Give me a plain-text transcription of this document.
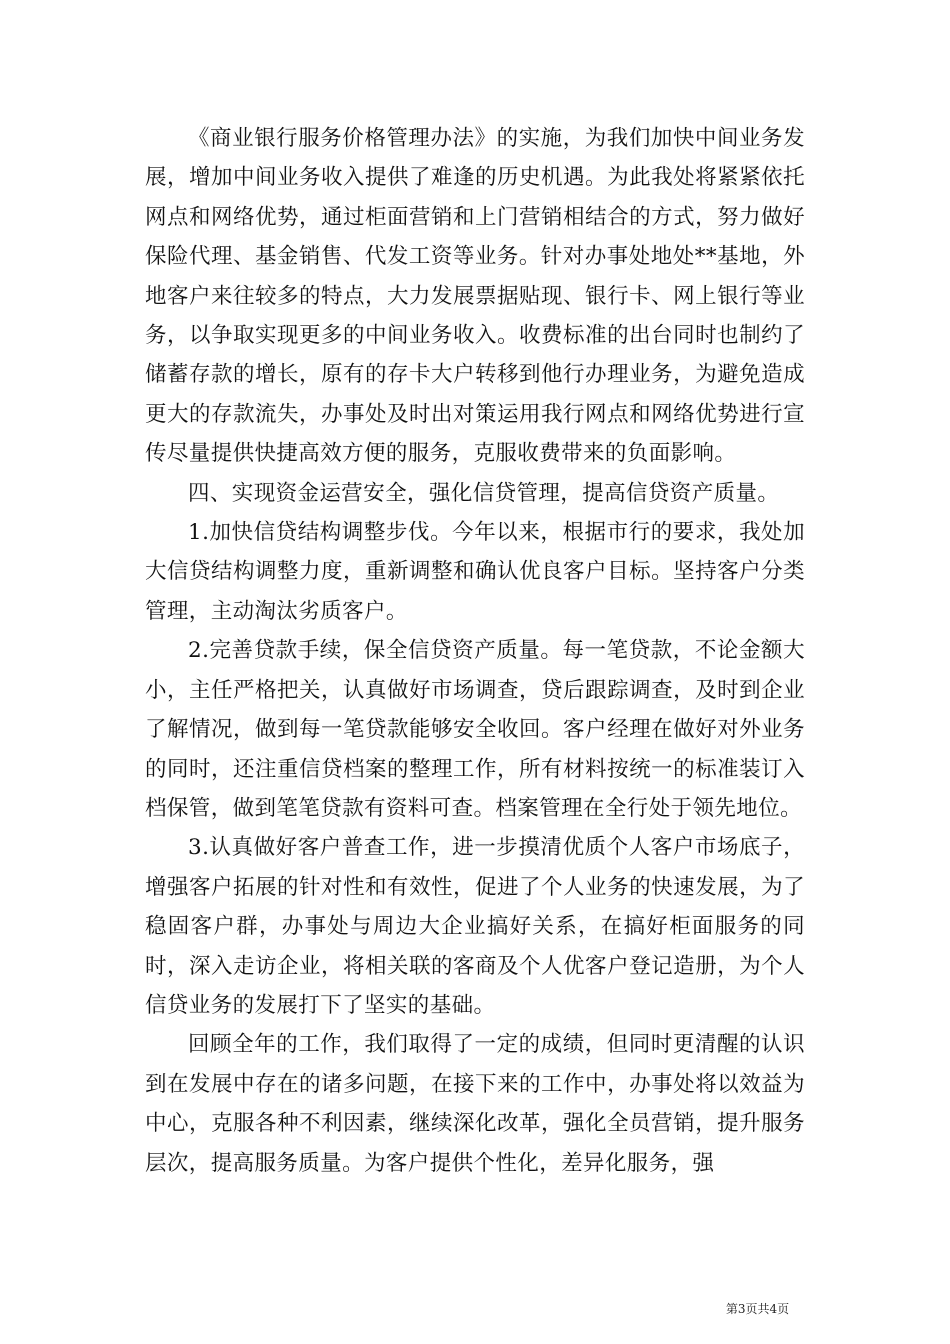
《商业银行服务价格管理办法》的实施，为我们加快中间业务发展，增加中间业务收入提供了难逢的历史机遇。为此我处将紧紧依托网点和网络优势，通过柜面营销和上门营销相结合的方式，努力做好保险代理、基金销售、代发工资等业务。针对办事处地处**基地，外地客户来往较多的特点，大力发展票据贴现、银行卡、网上银行等业务，以争取实现更多的中间业务收入。收费标准的出台同时也制约了储蓄存款的增长，原有的存卡大户转移到他行办理业务，为避免造成更大的存款流失，办事处及时出对策运用我行网点和网络优势进行宣传尽量提供快捷高效方便的服务，克服收费带来的负面影响。

四、实现资金运营安全，强化信贷管理，提高信贷资产质量。

1.加快信贷结构调整步伐。今年以来，根据市行的要求，我处加大信贷结构调整力度，重新调整和确认优良客户目标。坚持客户分类管理，主动淘汰劣质客户。

2.完善贷款手续，保全信贷资产质量。每一笔贷款，不论金额大小，主任严格把关，认真做好市场调查，贷后跟踪调查，及时到企业了解情况，做到每一笔贷款能够安全收回。客户经理在做好对外业务的同时，还注重信贷档案的整理工作，所有材料按统一的标准装订入档保管，做到笔笔贷款有资料可查。档案管理在全行处于领先地位。

3.认真做好客户普查工作，进一步摸清优质个人客户市场底子，增强客户拓展的针对性和有效性，促进了个人业务的快速发展，为了稳固客户群，办事处与周边大企业搞好关系，在搞好柜面服务的同时，深入走访企业，将相关联的客商及个人优客户登记造册，为个人信贷业务的发展打下了坚实的基础。

回顾全年的工作，我们取得了一定的成绩，但同时更清醒的认识到在发展中存在的诸多问题，在接下来的工作中，办事处将以效益为中心，克服各种不利因素，继续深化改革，强化全员营销，提升服务层次，提高服务质量。为客户提供个性化，差异化服务，强

第3页共4页
